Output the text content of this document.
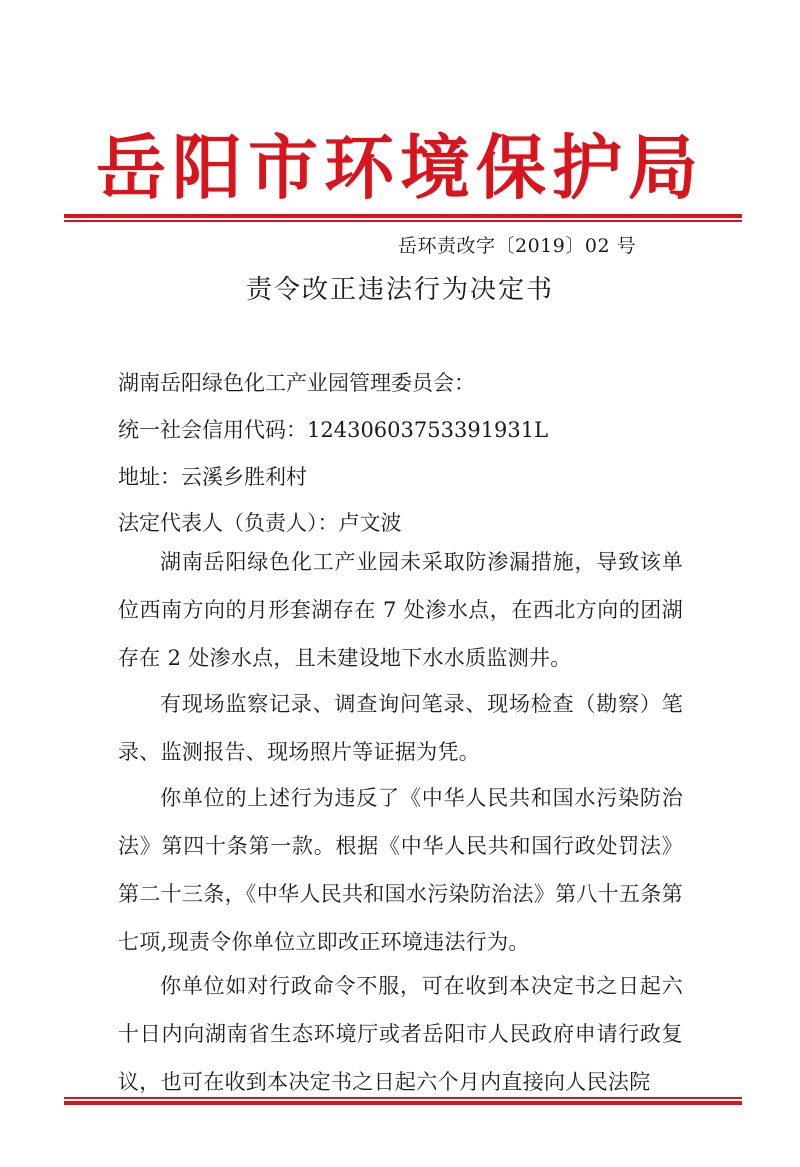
岳阳市环境保护局
岳环责改字〔2019〕02 号
责令改正违法行为决定书
湖南岳阳绿色化工产业园管理委员会：
统一社会信用代码：12430603753391931L
地址：云溪乡胜利村
法定代表人（负责人）：卢文波
湖南岳阳绿色化工产业园未采取防渗漏措施，导致该单位西南方向的月形套湖存在 7 处渗水点，在西北方向的团湖存在 2 处渗水点，且未建设地下水水质监测井。
有现场监察记录、调查询问笔录、现场检查（勘察）笔录、监测报告、现场照片等证据为凭。
你单位的上述行为违反了《中华人民共和国水污染防治法》第四十条第一款。根据《中华人民共和国行政处罚法》第二十三条，《中华人民共和国水污染防治法》第八十五条第七项,现责令你单位立即改正环境违法行为。
你单位如对行政命令不服，可在收到本决定书之日起六十日内向湖南省生态环境厅或者岳阳市人民政府申请行政复议，也可在收到本决定书之日起六个月内直接向人民法院
